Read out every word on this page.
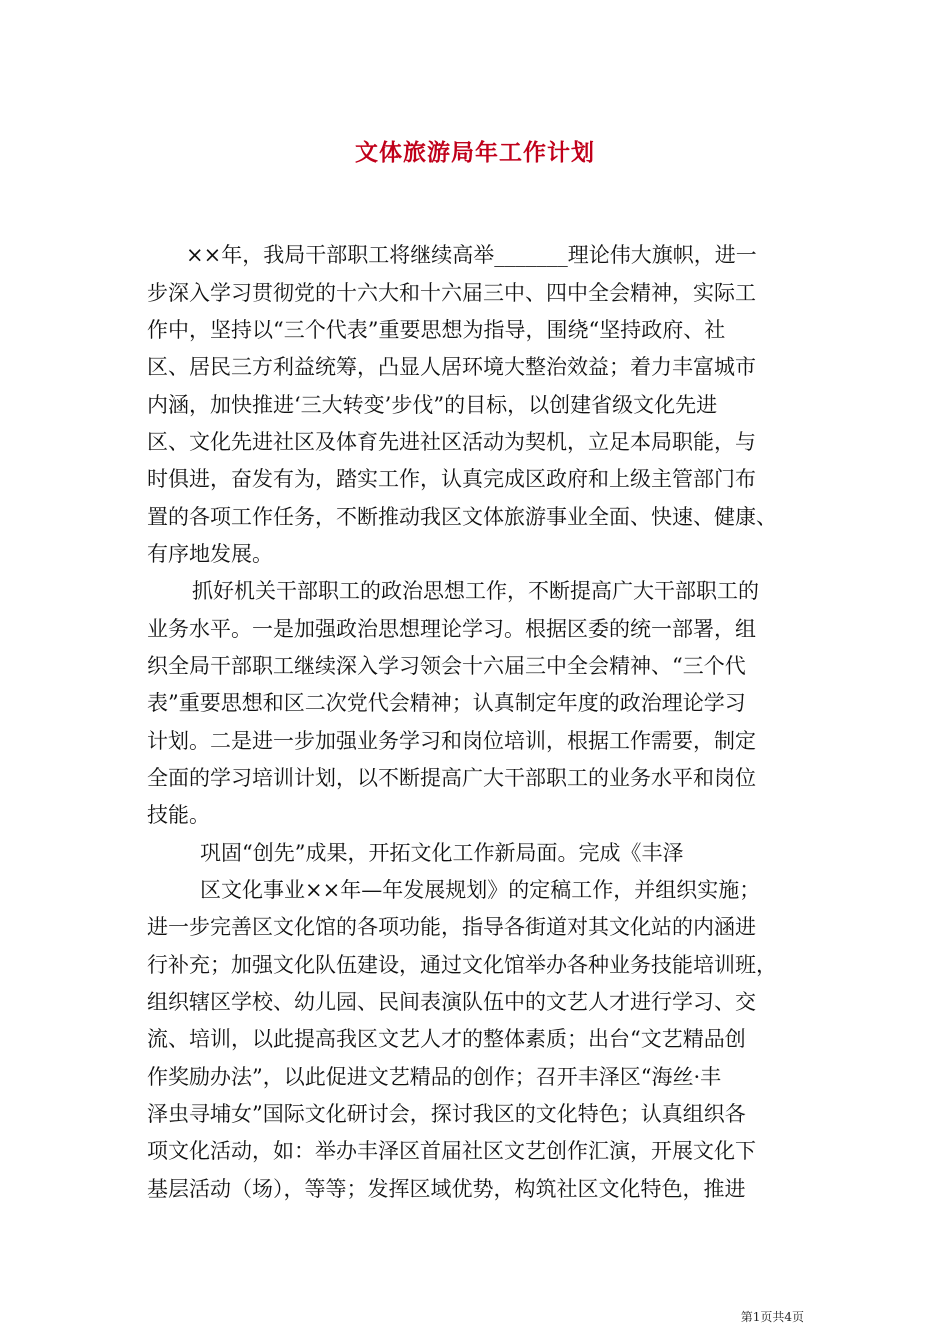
文体旅游局年工作计划
××年，我局干部职工将继续高举_______理论伟大旗帜，进一
步深入学习贯彻党的十六大和十六届三中、四中全会精神，实际工
作中，坚持以“三个代表”重要思想为指导，围绕“坚持政府、社
区、居民三方利益统筹，凸显人居环境大整治效益；着力丰富城市
内涵，加快推进‘三大转变’步伐”的目标，以创建省级文化先进
区、文化先进社区及体育先进社区活动为契机，立足本局职能，与
时俱进，奋发有为，踏实工作，认真完成区政府和上级主管部门布
置的各项工作任务，不断推动我区文体旅游事业全面、快速、健康、
有序地发展。
抓好机关干部职工的政治思想工作，不断提高广大干部职工的
业务水平。一是加强政治思想理论学习。根据区委的统一部署，组
织全局干部职工继续深入学习领会十六届三中全会精神、“三个代
表”重要思想和区二次党代会精神；认真制定年度的政治理论学习
计划。二是进一步加强业务学习和岗位培训，根据工作需要，制定
全面的学习培训计划，以不断提高广大干部职工的业务水平和岗位
技能。
巩固“创先”成果，开拓文化工作新局面。完成《丰泽
区文化事业××年—年发展规划》的定稿工作，并组织实施；
进一步完善区文化馆的各项功能，指导各街道对其文化站的内涵进
行补充；加强文化队伍建设，通过文化馆举办各种业务技能培训班，
组织辖区学校、幼儿园、民间表演队伍中的文艺人才进行学习、交
流、培训，以此提高我区文艺人才的整体素质；出台“文艺精品创
作奖励办法”，以此促进文艺精品的创作；召开丰泽区“海丝·丰
泽虫寻埔女”国际文化研讨会，探讨我区的文化特色；认真组织各
项文化活动，如：举办丰泽区首届社区文艺创作汇演，开展文化下
基层活动（场），等等；发挥区域优势，构筑社区文化特色，推进
第1页共4页
